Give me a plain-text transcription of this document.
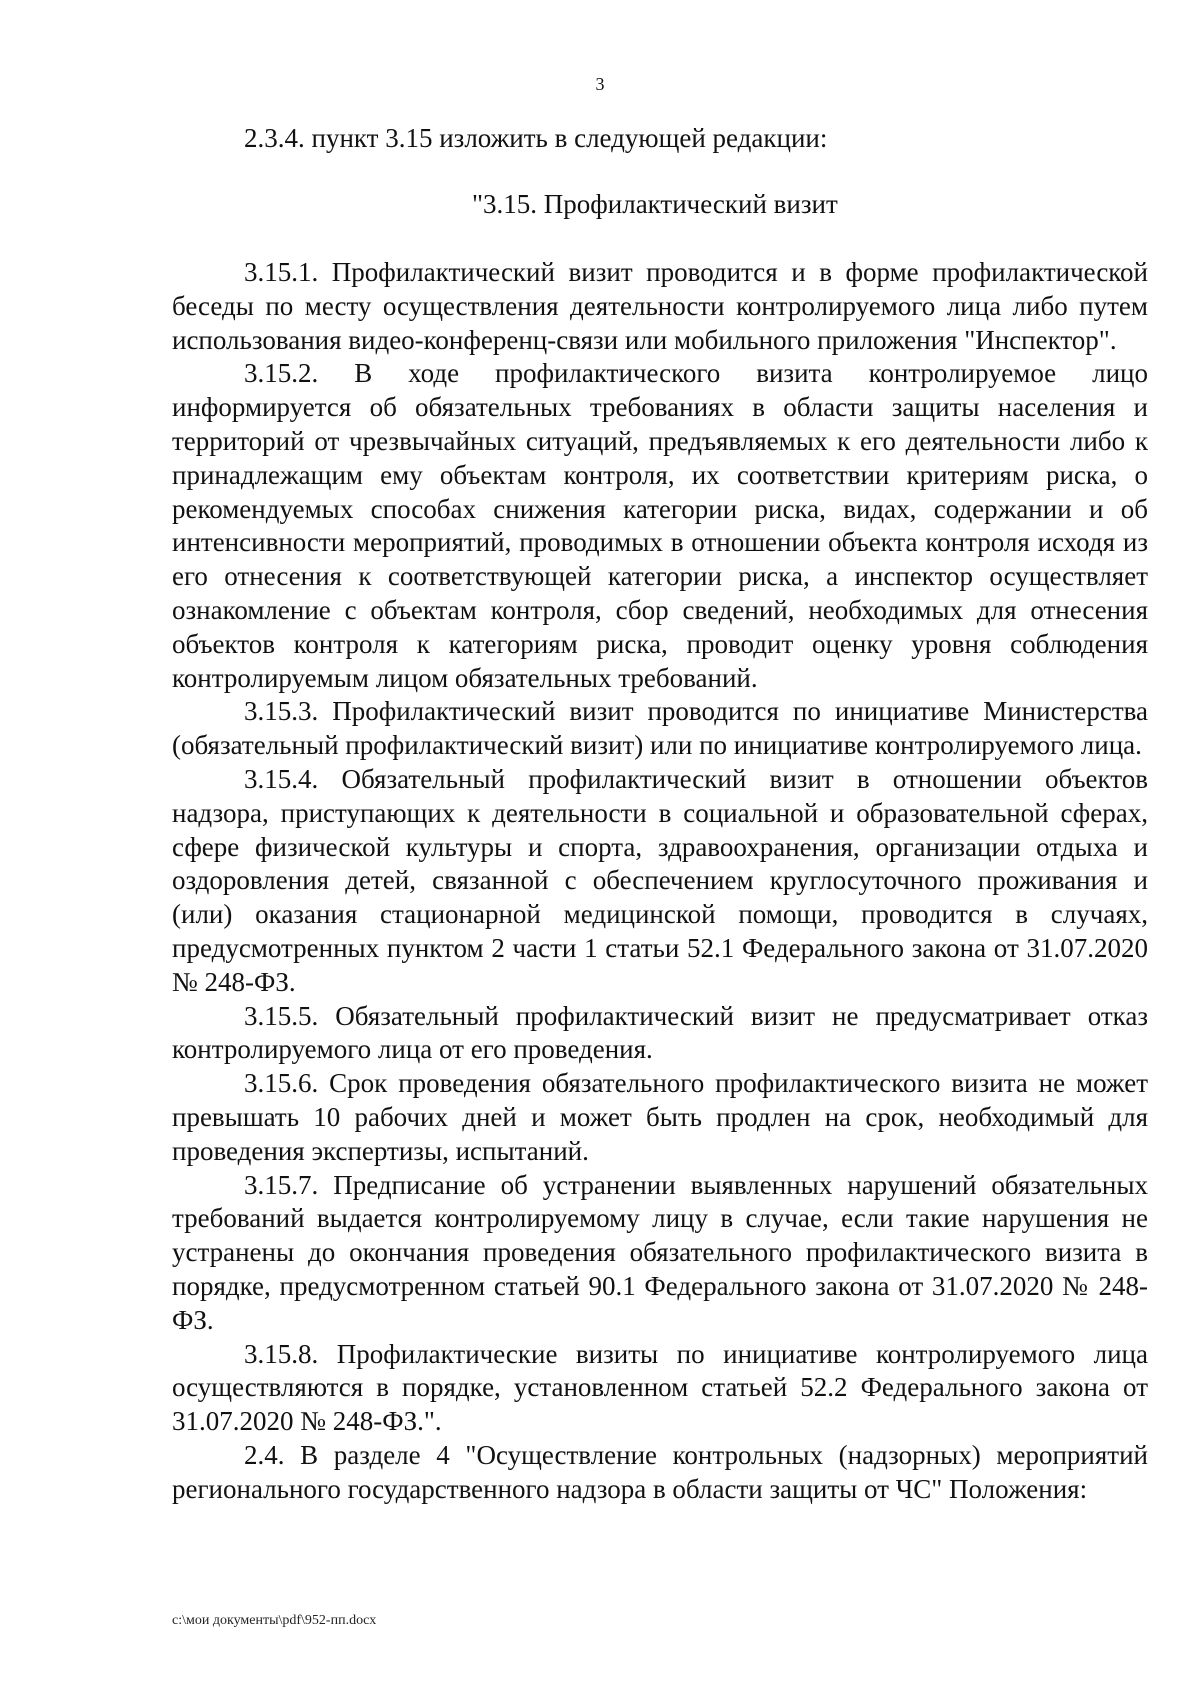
3

2.3.4. пункт 3.15 изложить в следующей редакции:

"3.15. Профилактический визит

3.15.1. Профилактический визит проводится и в форме профилактической беседы по месту осуществления деятельности контролируемого лица либо путем использования видео-конференц-связи или мобильного приложения "Инспектор".

3.15.2. В ходе профилактического визита контролируемое лицо информируется об обязательных требованиях в области защиты населения и территорий от чрезвычайных ситуаций, предъявляемых к его деятельности либо к принадлежащим ему объектам контроля, их соответствии критериям риска, о рекомендуемых способах снижения категории риска, видах, содержании и об интенсивности мероприятий, проводимых в отношении объекта контроля исходя из его отнесения к соответствующей категории риска, а инспектор осуществляет ознакомление с объектам контроля, сбор сведений, необходимых для отнесения объектов контроля к категориям риска, проводит оценку уровня соблюдения контролируемым лицом обязательных требований.

3.15.3. Профилактический визит проводится по инициативе Министерства (обязательный профилактический визит) или по инициативе контролируемого лица.

3.15.4. Обязательный профилактический визит в отношении объектов надзора, приступающих к деятельности в социальной и образовательной сферах, сфере физической культуры и спорта, здравоохранения, организации отдыха и оздоровления детей, связанной с обеспечением круглосуточного проживания и (или) оказания стационарной медицинской помощи, проводится в случаях, предусмотренных пунктом 2 части 1 статьи 52.1 Федерального закона от 31.07.2020 № 248-ФЗ.

3.15.5. Обязательный профилактический визит не предусматривает отказ контролируемого лица от его проведения.

3.15.6. Срок проведения обязательного профилактического визита не может превышать 10 рабочих дней и может быть продлен на срок, необходимый для проведения экспертизы, испытаний.

3.15.7. Предписание об устранении выявленных нарушений обязательных требований выдается контролируемому лицу в случае, если такие нарушения не устранены до окончания проведения обязательного профилактического визита в порядке, предусмотренном статьей 90.1 Федерального закона от 31.07.2020 № 248-ФЗ.

3.15.8. Профилактические визиты по инициативе контролируемого лица осуществляются в порядке, установленном статьей 52.2 Федерального закона от 31.07.2020 № 248-ФЗ.".

2.4. В разделе 4 "Осуществление контрольных (надзорных) мероприятий регионального государственного надзора в области защиты от ЧС" Положения:

c:\мои документы\pdf\952-пп.docx
